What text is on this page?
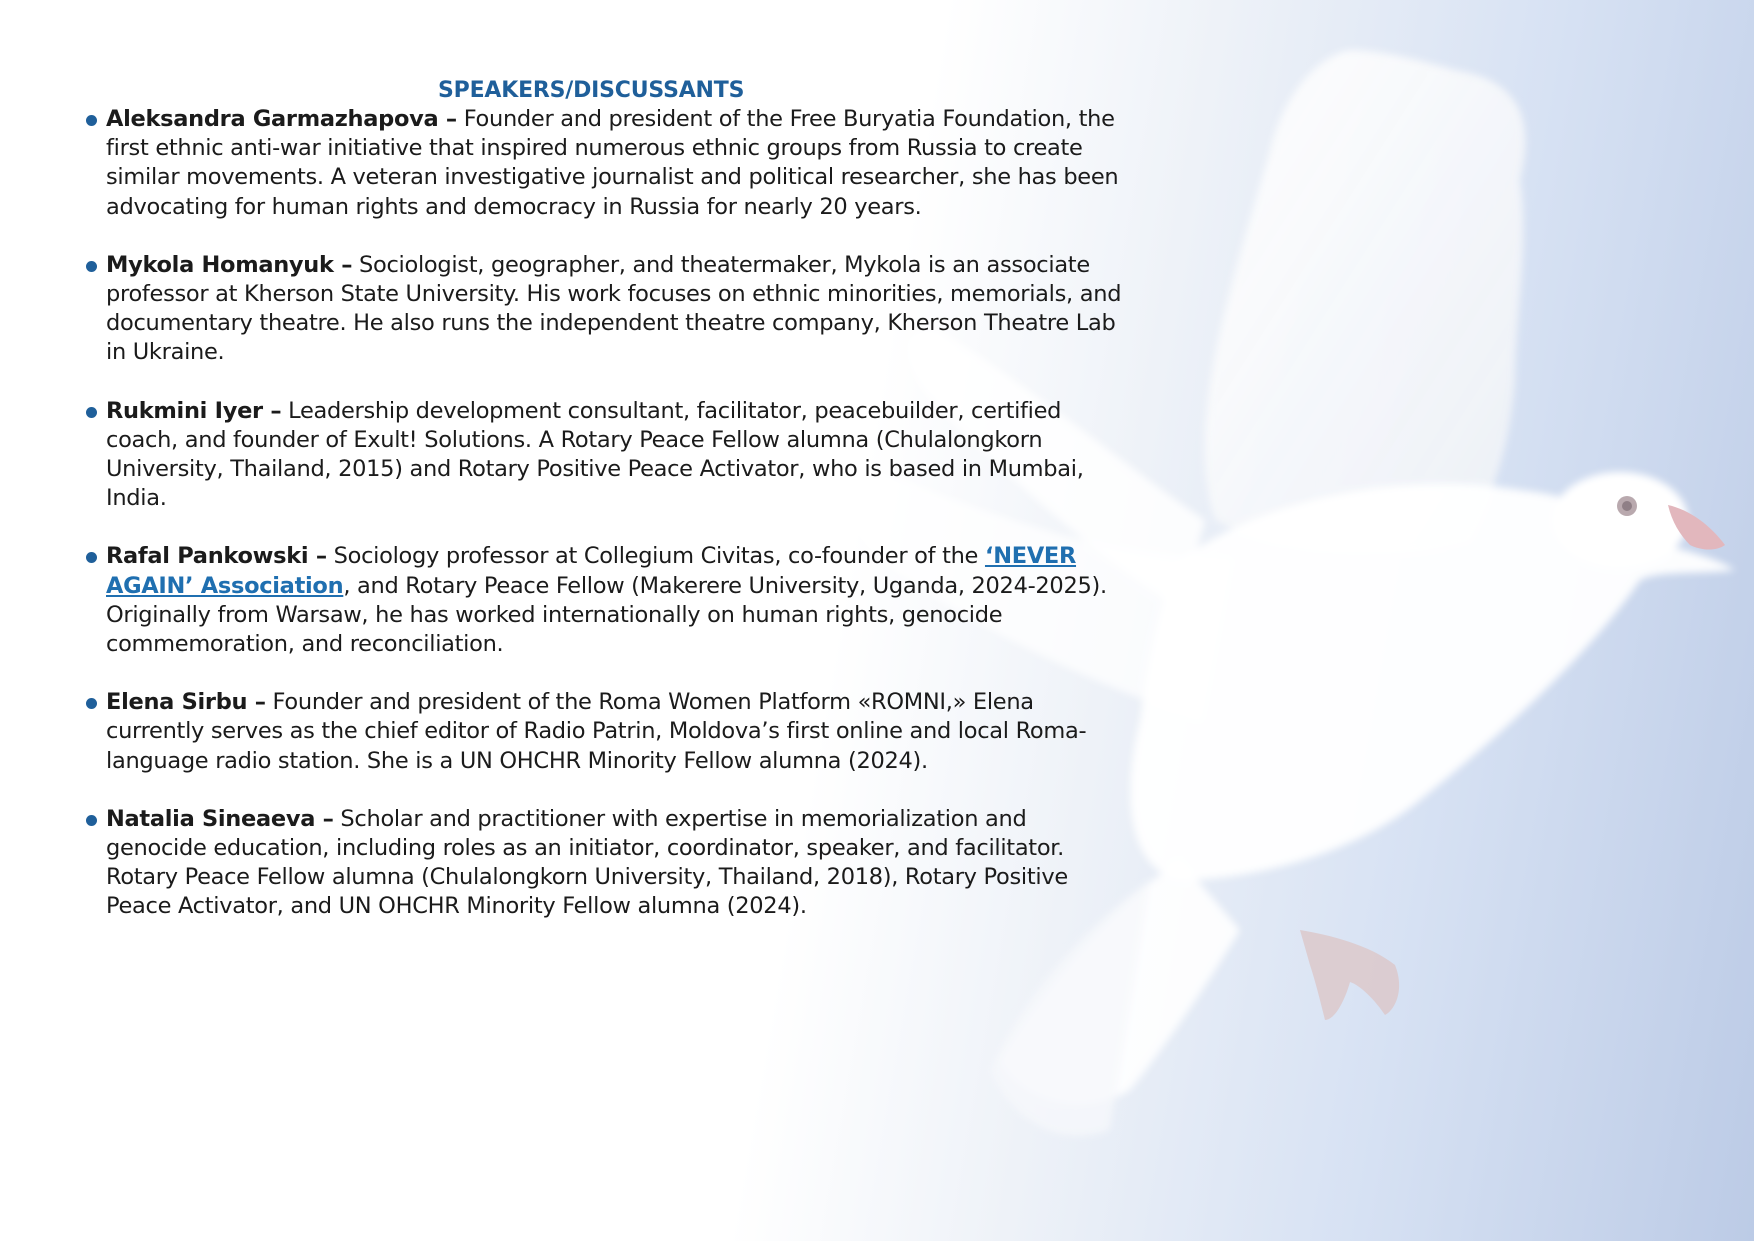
SPEAKERS/DISCUSSANTS
Aleksandra Garmazhapova – Founder and president of the Free Buryatia Foundation, the first ethnic anti-war initiative that inspired numerous ethnic groups from Russia to create similar movements. A veteran investigative journalist and political researcher, she has been advocating for human rights and democracy in Russia for nearly 20 years.
Mykola Homanyuk – Sociologist, geographer, and theatermaker, Mykola is an associate professor at Kherson State University. His work focuses on ethnic minorities, memorials, and documentary theatre. He also runs the independent theatre company, Kherson Theatre Lab in Ukraine.
Rukmini Iyer – Leadership development consultant, facilitator, peacebuilder, certified coach, and founder of Exult! Solutions. A Rotary Peace Fellow alumna (Chulalongkorn University, Thailand, 2015) and Rotary Positive Peace Activator, who is based in Mumbai, India.
Rafal Pankowski – Sociology professor at Collegium Civitas, co-founder of the ‘NEVER AGAIN’ Association, and Rotary Peace Fellow (Makerere University, Uganda, 2024-2025). Originally from Warsaw, he has worked internationally on human rights, genocide commemoration, and reconciliation.
Elena Sirbu – Founder and president of the Roma Women Platform «ROMNI,» Elena currently serves as the chief editor of Radio Patrin, Moldova’s first online and local Roma-language radio station. She is a UN OHCHR Minority Fellow alumna (2024).
Natalia Sineaeva – Scholar and practitioner with expertise in memorialization and genocide education, including roles as an initiator, coordinator, speaker, and facilitator. Rotary Peace Fellow alumna (Chulalongkorn University, Thailand, 2018), Rotary Positive Peace Activator, and UN OHCHR Minority Fellow alumna (2024).
